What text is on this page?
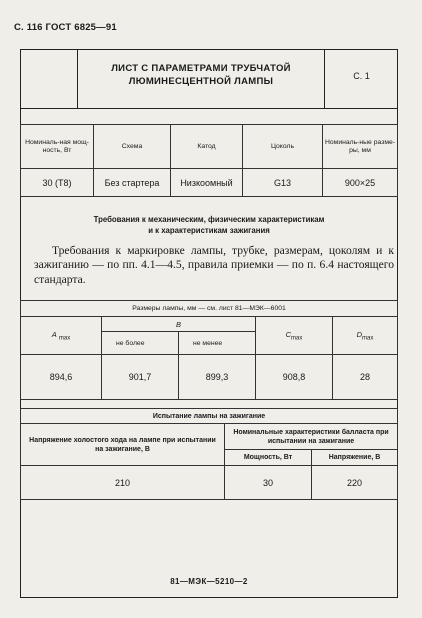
С. 116 ГОСТ 6825—91
ЛИСТ С ПАРАМЕТРАМИ ТРУБЧАТОЙ
ЛЮМИНЕСЦЕНТНОЙ ЛАМПЫ	С. 1
Номиналь-ная мощ-ность, Вт	Схема	Катод	Цоколь	Номиналь-ные разме-ры, мм
30 (T8)	Без стартера	Низкоомный	G13	900×25
Требования к механическим, физическим характеристикам
и к характеристикам зажигания
Требования к маркировке лампы, трубке, размерам, цоколям и к зажиганию — по пп. 4.1—4.5, правила приемки — по п. 6.4 настоящего стандарта.
Размеры лампы, мм — см. лист 81—МЭК—6001				
A $_{max}$	B		$C_{max}$	$D_{max}$
	не более	не менее		
894,6	901,7	899,3	908,8	28
Испытание лампы на зажигание		
Напряжение холостого хода на лампе при испытании на зажигание, В	Номинальные характеристики балласта при испытании на зажигание	
	Мощность, Вт	Напряжение, В
210	30	220
81—МЭК—5210—2
